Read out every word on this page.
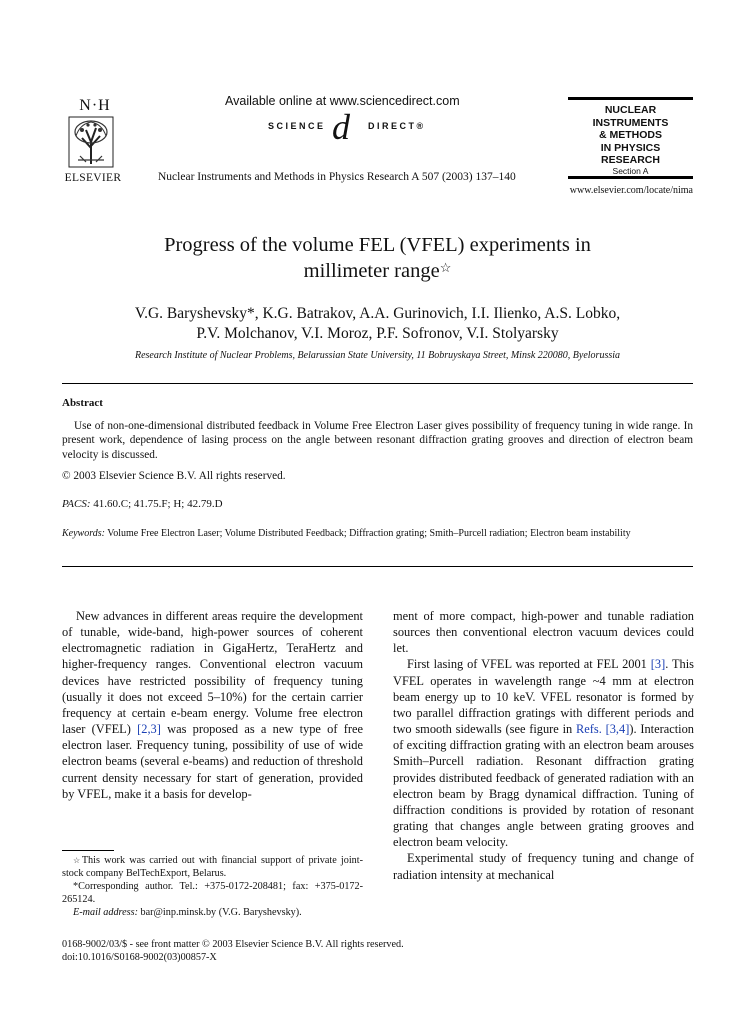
N·H
ELSEVIER
Available online at www.sciencedirect.com
SCIENCE d DIRECT®
Nuclear Instruments and Methods in Physics Research A 507 (2003) 137–140
NUCLEAR
INSTRUMENTS
& METHODS
IN PHYSICS
RESEARCH
Section A
www.elsevier.com/locate/nima
Progress of the volume FEL (VFEL) experiments in
millimeter range☆
V.G. Baryshevsky*, K.G. Batrakov, A.A. Gurinovich, I.I. Ilienko, A.S. Lobko,
P.V. Molchanov, V.I. Moroz, P.F. Sofronov, V.I. Stolyarsky
Research Institute of Nuclear Problems, Belarussian State University, 11 Bobruyskaya Street, Minsk 220080, Byelorussia
Abstract
Use of non-one-dimensional distributed feedback in Volume Free Electron Laser gives possibility of frequency tuning in wide range. In present work, dependence of lasing process on the angle between resonant diffraction grating grooves and direction of electron beam velocity is discussed.
© 2003 Elsevier Science B.V. All rights reserved.
PACS: 41.60.C; 41.75.F; H; 42.79.D
Keywords: Volume Free Electron Laser; Volume Distributed Feedback; Diffraction grating; Smith–Purcell radiation; Electron beam instability

New advances in different areas require the development of tunable, wide-band, high-power sources of coherent electromagnetic radiation in GigaHertz, TeraHertz and higher-frequency ranges. Conventional electron vacuum devices have restricted possibility of frequency tuning (usually it does not exceed 5–10%) for the certain carrier frequency at certain e-beam energy. Volume free electron laser (VFEL) [2,3] was proposed as a new type of free electron laser. Frequency tuning, possibility of use of wide electron beams (several e-beams) and reduction of threshold current density necessary for start of generation, provided by VFEL, make it a basis for develop-

ment of more compact, high-power and tunable radiation sources then conventional electron vacuum devices could let.

First lasing of VFEL was reported at FEL 2001 [3]. This VFEL operates in wavelength range ~4 mm at electron beam energy up to 10 keV. VFEL resonator is formed by two parallel diffraction gratings with different periods and two smooth sidewalls (see figure in Refs. [3,4]). Interaction of exciting diffraction grating with an electron beam arouses Smith–Purcell radiation. Resonant diffraction grating provides distributed feedback of generated radiation with an electron beam by Bragg dynamical diffraction. Tuning of diffraction conditions is provided by rotation of resonant grating that changes angle between grating grooves and electron beam velocity.

Experimental study of frequency tuning and change of radiation intensity at mechanical

☆This work was carried out with financial support of private joint-stock company BelTechExport, Belarus.

*Corresponding author. Tel.: +375-0172-208481; fax: +375-0172-265124.

E-mail address: bar@inp.minsk.by (V.G. Baryshevsky).

0168-9002/03/$ - see front matter © 2003 Elsevier Science B.V. All rights reserved.
doi:10.1016/S0168-9002(03)00857-X
